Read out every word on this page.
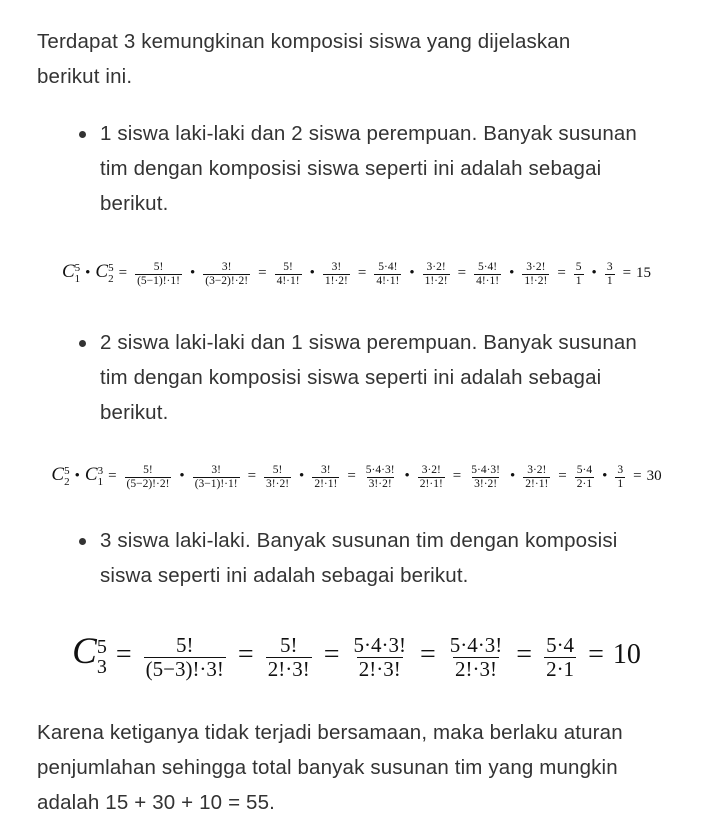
Terdapat 3 kemungkinan komposisi siswa yang dijelaskan
berikut ini.

1 siswa laki-laki dan 2 siswa perempuan. Banyak susunan
tim dengan komposisi siswa seperti ini adalah sebagai
berikut.

C 5
1 • C 5
$2 = \frac{5!}{(5-1)!\cdot 1!}$ • $\frac{3!}{(3-2)!\cdot 2!} = \frac{5!}{4!\cdot 1!}$ • $\frac{3!}{1!\cdot 2!} = \frac{5\cdot 4!}{4!\cdot 1!}$ • $\frac{3\cdot 2!}{1!\cdot 2!} = \frac{5\cdot 4!}{4!\cdot 1!}$ • $\frac{3\cdot 2!}{1!\cdot 2!} = \frac{5}{1}$ • $\frac{3}{1} = 15$

2 siswa laki-laki dan 1 siswa perempuan. Banyak susunan
tim dengan komposisi siswa seperti ini adalah sebagai
berikut.

C 5
2 • C 3
$1 = \frac{5!}{(5-2)!\cdot 2!}$ • $\frac{3!}{(3-1)!\cdot 1!} = \frac{5!}{3!\cdot 2!}$ • $\frac{3!}{2!\cdot 1!} = \frac{5\cdot 4\cdot 3!}{3!\cdot 2!}$ • $\frac{3\cdot 2!}{2!\cdot 1!} = \frac{5\cdot 4\cdot 3!}{3!\cdot 2!}$ • $\frac{3\cdot 2!}{2!\cdot 1!} = \frac{5\cdot 4}{2\cdot 1}$ • $\frac{3}{1} = 30$

3 siswa laki-laki. Banyak susunan tim dengan komposisi
siswa seperti ini adalah sebagai berikut.

C 5
$3 = \frac{5!}{(5-3)!\cdot 3!} = \frac{5!}{2!\cdot 3!} = \frac{5\cdot 4\cdot 3!}{2!\cdot 3!} = \frac{5\cdot 4\cdot 3!}{2!\cdot 3!} = \frac{5\cdot 4}{2\cdot 1} = 10$

Karena ketiganya tidak terjadi bersamaan, maka berlaku aturan
penjumlahan sehingga total banyak susunan tim yang mungkin
adalah 15 + 30 + 10 = 55.
